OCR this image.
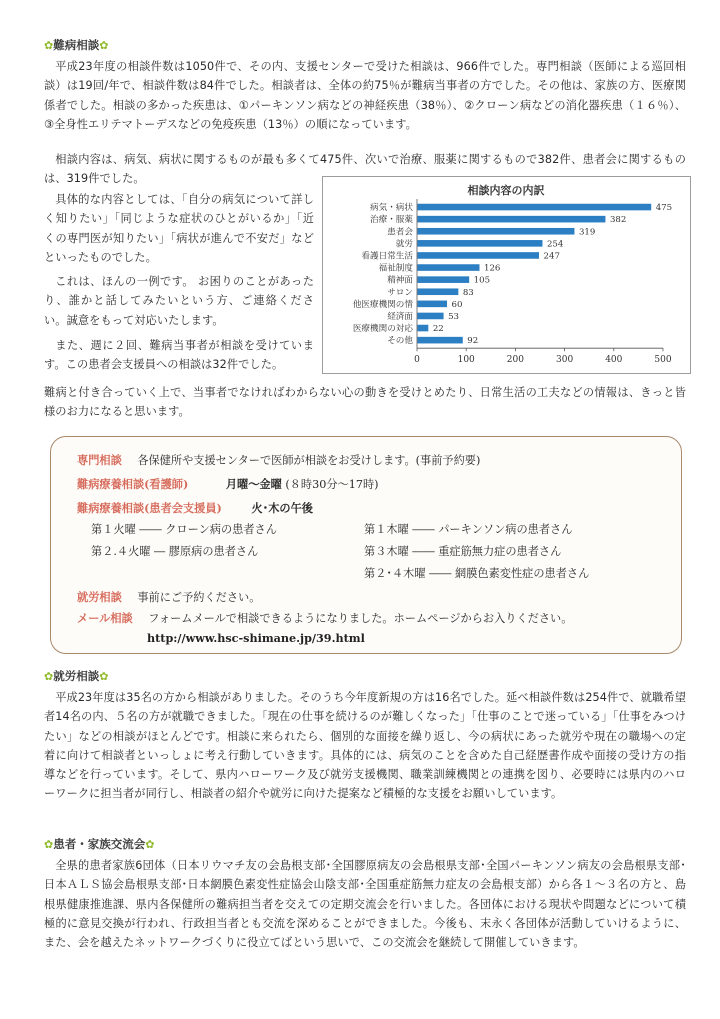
✿難病相談✿

平成23年度の相談件数は1050件で、その内、支援センターで受けた相談は、966件でした。専門相談（医師による巡回相談）は19回/年で、相談件数は84件でした。相談者は、全体の約75％が難病当事者の方でした。その他は、家族の方、医療関係者でした。相談の多かった疾患は、①パーキンソン病などの神経疾患（38％）、②クローン病などの消化器疾患（１６％）、③全身性エリテマトーデスなどの免疫疾患（13％）の順になっています。

相談内容は、病気、病状に関するものが最も多くて475件、次いで治療、服薬に関するもので382件、患者会に関するものは、319件でした。

具体的な内容としては、「自分の病気について詳しく知りたい」「同じような症状のひとがいるか」「近くの専門医が知りたい」「病状が進んで不安だ」などといったものでした。

これは、ほんの一例です。 お困りのことがあったり、誰かと話してみたいという方、ご連絡ください。誠意をもって対応いたします。

また、週に２回、難病当事者が相談を受けています。この患者会支援員への相談は32件でした。

難病と付き合っていく上で、当事者でなければわからない心の動きを受けとめたり、日常生活の工夫などの情報は、きっと皆様のお力になると思います。

相談内容の内訳
病気・病状	475
治療・服薬	382
患者会	319
就労	254
看護日常生活	247
福祉制度	126
精神面	105
サロン	83
他医療機関の情	60
経済面	53
医療機関の対応 22
その他	92
0	100	200	300	400	500
専門相談 各保健所や支援センターで医師が相談をお受けします。(事前予約要)
難病療養相談(看護師)	月曜〜金曜 (８時30分〜17時)
難病療養相談(患者会支援員)	火･木の午後
第１火曜 ―― クローン病の患者さん
第２.４火曜 ― 膠原病の患者さん
第１木曜 ―― パーキンソン病の患者さん
第３木曜 ―― 重症筋無力症の患者さん
第２･４木曜 ―― 網膜色素変性症の患者さん
就労相談 事前にご予約ください。
メール相談 フォームメールで相談できるようになりました。ホームページからお入りください。
http://www.hsc-shimane.jp/39.html
✿就労相談✿

平成23年度は35名の方から相談がありました。そのうち今年度新規の方は16名でした。延べ相談件数は254件で、就職希望者14名の内、５名の方が就職できました。「現在の仕事を続けるのが難しくなった」「仕事のことで迷っている」「仕事をみつけたい」などの相談がほとんどです。相談に来られたら、個別的な面接を繰り返し、今の病状にあった就労や現在の職場への定着に向けて相談者といっしょに考え行動していきます。具体的には、病気のことを含めた自己経歴書作成や面接の受け方の指導などを行っています。そして、県内ハローワーク及び就労支援機関、職業訓練機関との連携を図り、必要時には県内のハローワークに担当者が同行し、相談者の紹介や就労に向けた提案など積極的な支援をお願いしています。

✿患者・家族交流会✿

全県的患者家族6団体（日本リウマチ友の会島根支部･全国膠原病友の会島根県支部･全国パーキンソン病友の会島根県支部･日本ＡＬＳ協会島根県支部･日本網膜色素変性症協会山陰支部･全国重症筋無力症友の会島根支部）から各１〜３名の方と、島根県健康推進課、県内各保健所の難病担当者を交えての定期交流会を行いました。各団体における現状や問題などについて積極的に意見交換が行われ、行政担当者とも交流を深めることができました。今後も、末永く各団体が活動していけるように、また、会を越えたネットワークづくりに役立てばという思いで、この交流会を継続して開催していきます。
